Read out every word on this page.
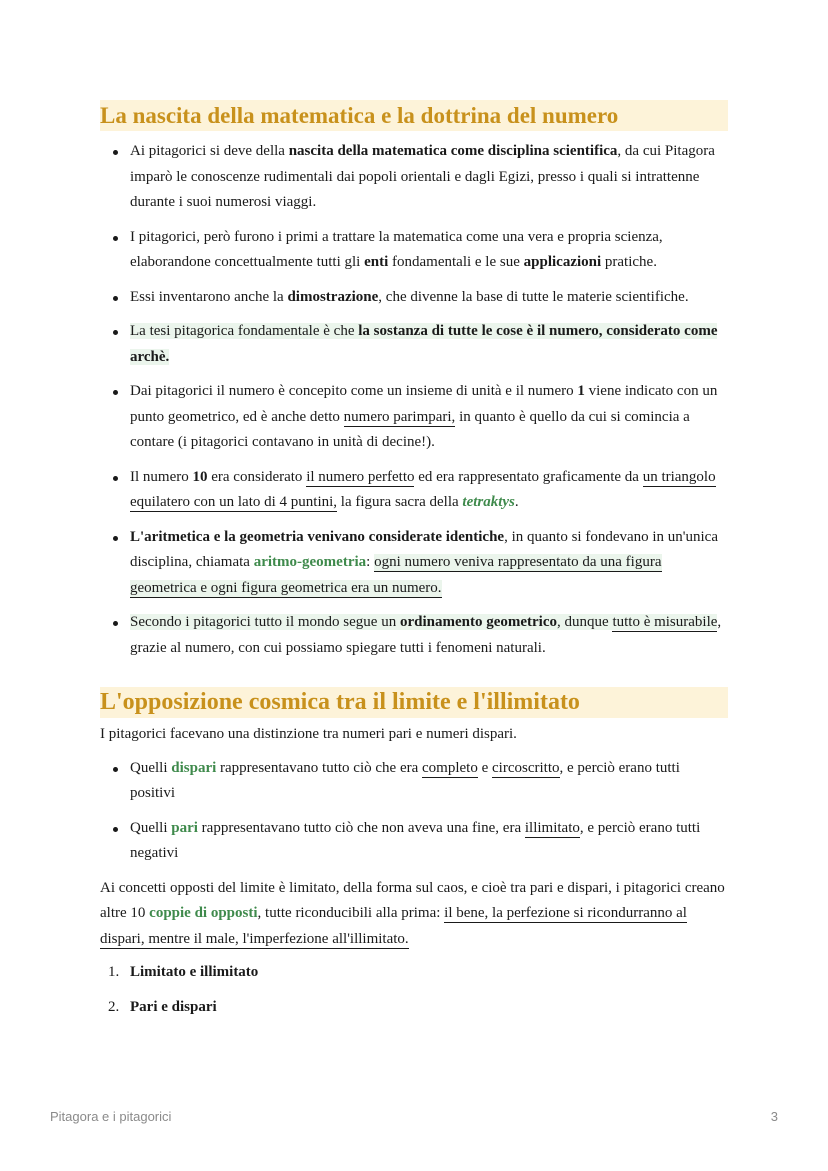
La nascita della matematica e la dottrina del numero
Ai pitagorici si deve della nascita della matematica come disciplina scientifica, da cui Pitagora imparò le conoscenze rudimentali dai popoli orientali e dagli Egizi, presso i quali si intrattenne durante i suoi numerosi viaggi.
I pitagorici, però furono i primi a trattare la matematica come una vera e propria scienza, elaborandone concettualmente tutti gli enti fondamentali e le sue applicazioni pratiche.
Essi inventarono anche la dimostrazione, che divenne la base di tutte le materie scientifiche.
La tesi pitagorica fondamentale è che la sostanza di tutte le cose è il numero, considerato come archè.
Dai pitagorici il numero è concepito come un insieme di unità e il numero 1 viene indicato con un punto geometrico, ed è anche detto numero parimpari, in quanto è quello da cui si comincia a contare (i pitagorici contavano in unità di decine!).
Il numero 10 era considerato il numero perfetto ed era rappresentato graficamente da un triangolo equilatero con un lato di 4 puntini, la figura sacra della tetraktys.
L'aritmetica e la geometria venivano considerate identiche, in quanto si fondevano in un'unica disciplina, chiamata aritmo-geometria: ogni numero veniva rappresentato da una figura geometrica e ogni figura geometrica era un numero.
Secondo i pitagorici tutto il mondo segue un ordinamento geometrico, dunque tutto è misurabile, grazie al numero, con cui possiamo spiegare tutti i fenomeni naturali.
L'opposizione cosmica tra il limite e l'illimitato

I pitagorici facevano una distinzione tra numeri pari e numeri dispari.

Quelli dispari rappresentavano tutto ciò che era completo e circoscritto, e perciò erano tutti positivi
Quelli pari rappresentavano tutto ciò che non aveva una fine, era illimitato, e perciò erano tutti negativi

Ai concetti opposti del limite è limitato, della forma sul caos, e cioè tra pari e dispari, i pitagorici creano altre 10 coppie di opposti, tutte riconducibili alla prima: il bene, la perfezione si ricondurranno al dispari, mentre il male, l'imperfezione all'illimitato.

1. Limitato e illimitato
2. Pari e dispari
Pitagora e i pitagorici	3
